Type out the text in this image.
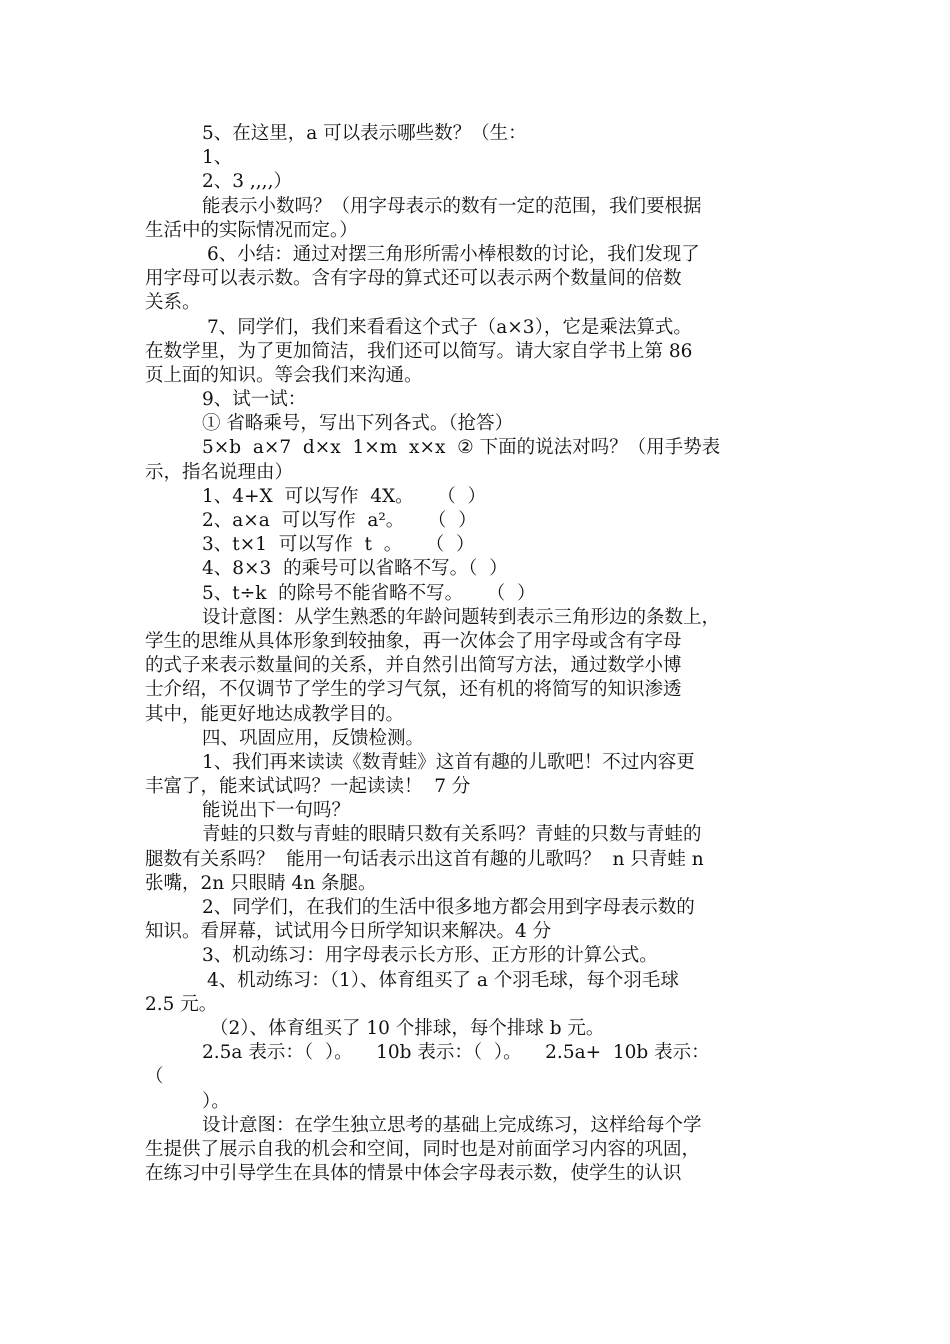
5、在这里，a 可以表示哪些数？（生：
1、
2、3 ,,,,）
能表示小数吗？（用字母表示的数有一定的范围，我们要根据
生活中的实际情况而定。）
6、小结：通过对摆三角形所需小棒根数的讨论，我们发现了
用字母可以表示数。含有字母的算式还可以表示两个数量间的倍数
关系。
7、同学们，我们来看看这个式子（a×3），它是乘法算式。
在数学里，为了更加简洁，我们还可以简写。请大家自学书上第 86
页上面的知识。等会我们来沟通。
9、试一试：
① 省略乘号，写出下列各式。（抢答）
5×b  a×7  d×x  1×m  x×x  ② 下面的说法对吗？（用手势表
示，指名说理由）
1、4+X  可以写作  4X。    （  ）
2、a×a  可以写作  a²。    （  ）
3、t×1  可以写作  t  。    （  ）
4、8×3  的乘号可以省略不写。（  ）
5、t÷k  的除号不能省略不写。    （  ）
设计意图：从学生熟悉的年龄问题转到表示三角形边的条数上，
学生的思维从具体形象到较抽象，再一次体会了用字母或含有字母
的式子来表示数量间的关系，并自然引出简写方法，通过数学小博
士介绍，不仅调节了学生的学习气氛，还有机的将简写的知识渗透
其中，能更好地达成教学目的。
四、巩固应用，反馈检测。
1、我们再来读读《数青蛙》这首有趣的儿歌吧！不过内容更
丰富了，能来试试吗？一起读读！  7 分
能说出下一句吗？
青蛙的只数与青蛙的眼睛只数有关系吗？青蛙的只数与青蛙的
腿数有关系吗？  能用一句话表示出这首有趣的儿歌吗？  n 只青蛙 n
张嘴，2n 只眼睛 4n 条腿。
2、同学们，在我们的生活中很多地方都会用到字母表示数的
知识。看屏幕，试试用今日所学知识来解决。4 分
3、机动练习：用字母表示长方形、正方形的计算公式。
4、机动练习：（1）、体育组买了 a 个羽毛球，每个羽毛球
2.5 元。
（2）、体育组买了 10 个排球，每个排球 b 元。
2.5a 表示：（  ）。    10b 表示：（  ）。    2.5a+  10b 表示：
（
）。
设计意图：在学生独立思考的基础上完成练习，这样给每个学
生提供了展示自我的机会和空间，同时也是对前面学习内容的巩固，
在练习中引导学生在具体的情景中体会字母表示数，使学生的认识
